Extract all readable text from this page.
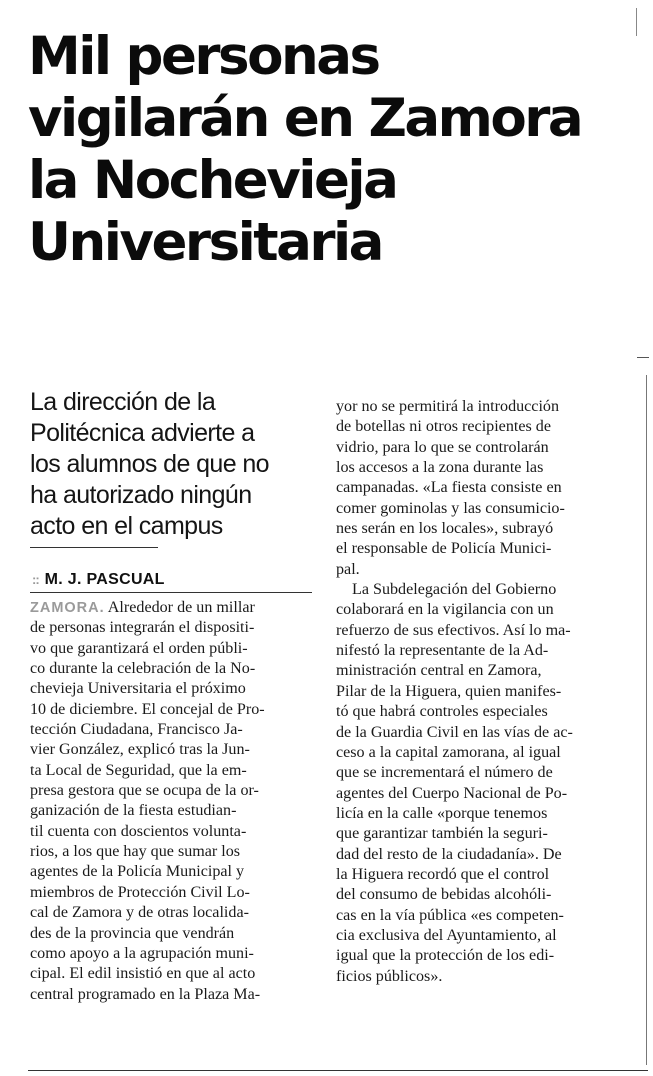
Mil personas
vigilarán en Zamora
la Nochevieja
Universitaria
La dirección de la
Politécnica advierte a
los alumnos de que no
ha autorizado ningún
acto en el campus
:: M. J. PASCUAL
ZAMORA. Alrededor de un millar
de personas integrarán el dispositi-
vo que garantizará el orden públi-
co durante la celebración de la No-
chevieja Universitaria el próximo
10 de diciembre. El concejal de Pro-
tección Ciudadana, Francisco Ja-
vier González, explicó tras la Jun-
ta Local de Seguridad, que la em-
presa gestora que se ocupa de la or-
ganización de la fiesta estudian-
til cuenta con doscientos volunta-
rios, a los que hay que sumar los
agentes de la Policía Municipal y
miembros de Protección Civil Lo-
cal de Zamora y de otras localida-
des de la provincia que vendrán
como apoyo a la agrupación muni-
cipal. El edil insistió en que al acto
central programado en la Plaza Ma-
yor no se permitirá la introducción
de botellas ni otros recipientes de
vidrio, para lo que se controlarán
los accesos a la zona durante las
campanadas. «La fiesta consiste en
comer gominolas y las consumicio-
nes serán en los locales», subrayó
el responsable de Policía Munici-
pal.
La Subdelegación del Gobierno
colaborará en la vigilancia con un
refuerzo de sus efectivos. Así lo ma-
nifestó la representante de la Ad-
ministración central en Zamora,
Pilar de la Higuera, quien manifes-
tó que habrá controles especiales
de la Guardia Civil en las vías de ac-
ceso a la capital zamorana, al igual
que se incrementará el número de
agentes del Cuerpo Nacional de Po-
licía en la calle «porque tenemos
que garantizar también la seguri-
dad del resto de la ciudadanía». De
la Higuera recordó que el control
del consumo de bebidas alcohóli-
cas en la vía pública «es competen-
cia exclusiva del Ayuntamiento, al
igual que la protección de los edi-
ficios públicos».
